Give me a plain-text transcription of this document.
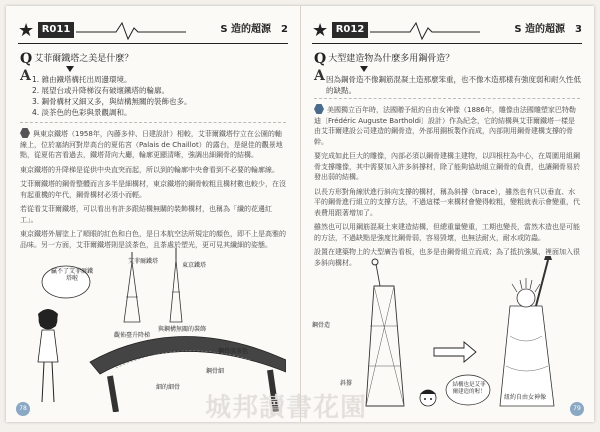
★ R011	S 造的超源　2
Q艾菲爾鐵塔之美是什麼？
A 1. 雜由鐵塔構托出周邊環境。
2. 展望台或升降梯沒有破壞鐵塔的輪廓。
3. 鋼骨構材又細又多，與結構無關的裝飾也多。
4. 淡茶色的色彩與景觀調和。

與東京鐵塔（1958年，內藤多仲、日建設計）相較，艾菲爾鐵塔佇立在公園的軸線上，位於塞納河對岸高台的夏佑宮（Palais de Chaillot）的露台，是絕佳的觀景地點，從夏佑宮看過去，鐵塔背向大廳，輪廓更顯清晰，強調出細鋼骨的結構。

東京鐵塔的升降梯是從供中央直突而起，所以到的輪廓中央會看到不必要的輪廓線。

艾菲爾鐵塔的鋼骨整體而言多半是細構材，東京鐵塔的鋼骨較粗且構材數也較少，在沒有起重機的年代，鋼骨構材必須小而輕。

若從看艾菲爾鐵塔，可以看出有許多跟結構無關的裝飾構材，也稱為「纖的花邊紅工」。

東京鐵塔外層塗上了順眼的紅色和白色，是日本航空法所規定的顏色，即不上是高雅的品味。另一方面，艾菲爾鐵塔則是淡茶色，且茶處於塑光，更可見其纖細的姿態。

贏不了艾菲爾鐵塔啦
艾菲爾鐵塔
東京鐵塔
觀佈臺升降梯
與鋼構無關的裝飾
鋼骨淡茶色
鋼骨細
細的細骨
78
★ R012	S 造的超源　3
Q大型建造物為什麼多用鋼骨造？
A 因為鋼骨造不像鋼筋混凝土造那麼笨重，也不像木造那樣有強度弱和耐久性低的缺點。

美國獨立百年時，法國贈予紐約自由女神像（1886年，雕像由法國雕塑家巴特勒迪〔Frédéric Auguste Bartholdi〕設計）作為紀念，它的結構與艾菲爾鐵塔一樣是由艾菲爾建設公司建造的鋼骨造，外部用銅板製作而成，內部則用鋼骨建構支撐的骨幹。

要完成如此巨大的雕像，內部必須以鋼骨建構主建物，以四根柱為中心，在周圍用組鋼骨支撐雕像，其中需要加入許多斜撐材，除了能夠協助組立鋼骨的負責，也讓鋼骨易於發出弱的結構。

以長方形對角線狀進行斜向支撐的構材，稱為斜撐（brace），雖然也有只以垂直、水平的鋼骨進行組立的支撐方法，不過這樣一來構材會變得較粗，變粗就表示會變重，代表費用跟著增加了。

雖然也可以用鋼筋混凝土來建造結構，但總重量變重，工期也變長，當然木造也是可能的方法，不過缺點是強度比鋼骨弱，容易毀壞，也無法耐火，耐水或防蟲。

設置在建築物上的大型廣告看板，也多是由鋼骨組立而成；為了抵抗強風，裡面加入很多斜向構材。

鋼骨造
斜撐	結構也是艾菲爾建造的喔！
紐約自由女神像
79
城邦讀書花園
